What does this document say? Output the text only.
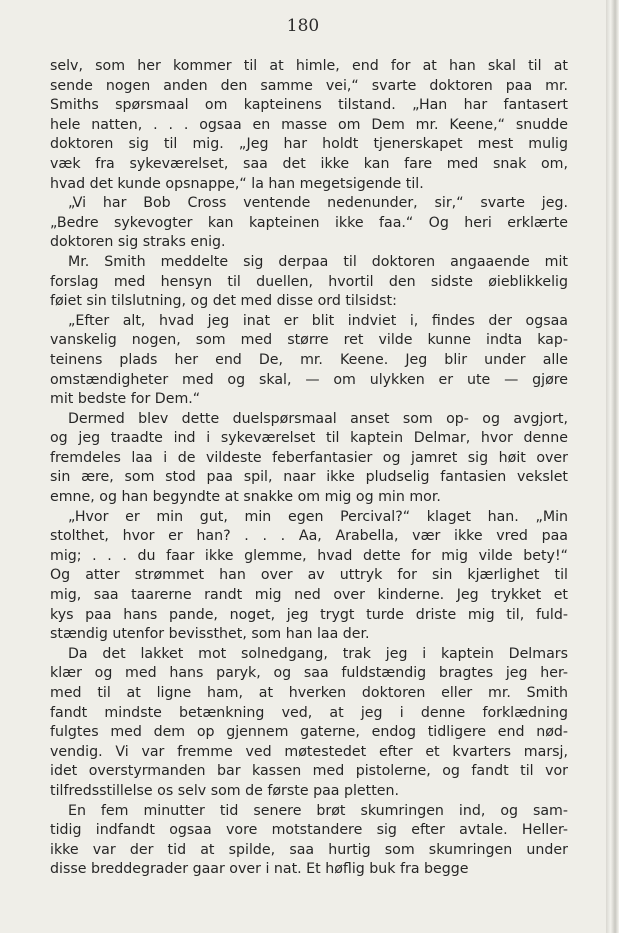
180

selv, som her kommer til at himle, end for at han skal til at
sende nogen anden den samme vei,“ svarte doktoren paa mr.
Smiths spørsmaal om kapteinens tilstand. „Han har fantasert
hele natten, . . . ogsaa en masse om Dem mr. Keene,“ snudde
doktoren sig til mig. „Jeg har holdt tjenerskapet mest mulig
væk fra sykeværelset, saa det ikke kan fare med snak om,
hvad det kunde opsnappe,“ la han megetsigende til.

„Vi har Bob Cross ventende nedenunder, sir,“ svarte jeg.
„Bedre sykevogter kan kapteinen ikke faa.“ Og heri erklærte
doktoren sig straks enig.

Mr. Smith meddelte sig derpaa til doktoren angaaende mit
forslag med hensyn til duellen, hvortil den sidste øieblikkelig
føiet sin tilslutning, og det med disse ord tilsidst:

„Efter alt, hvad jeg inat er blit indviet i, findes der ogsaa
vanskelig nogen, som med større ret vilde kunne indta kap-
teinens plads her end De, mr. Keene. Jeg blir under alle
omstændigheter med og skal, — om ulykken er ute — gjøre
mit bedste for Dem.“

Dermed blev dette duelspørsmaal anset som op- og avgjort,
og jeg traadte ind i sykeværelset til kaptein Delmar, hvor denne
fremdeles laa i de vildeste feberfantasier og jamret sig høit over
sin ære, som stod paa spil, naar ikke pludselig fantasien vekslet
emne, og han begyndte at snakke om mig og min mor.

„Hvor er min gut, min egen Percival?“ klaget han. „Min
stolthet, hvor er han? . . . Aa, Arabella, vær ikke vred paa
mig; . . . du faar ikke glemme, hvad dette for mig vilde bety!“
Og atter strømmet han over av uttryk for sin kjærlighet til
mig, saa taarerne randt mig ned over kinderne. Jeg trykket et
kys paa hans pande, noget, jeg trygt turde driste mig til, fuld-
stændig utenfor bevissthet, som han laa der.

Da det lakket mot solnedgang, trak jeg i kaptein Delmars
klær og med hans paryk, og saa fuldstændig bragtes jeg her-
med til at ligne ham, at hverken doktoren eller mr. Smith
fandt mindste betænkning ved, at jeg i denne forklædning
fulgtes med dem op gjennem gaterne, endog tidligere end nød-
vendig. Vi var fremme ved møtestedet efter et kvarters marsj,
idet overstyrmanden bar kassen med pistolerne, og fandt til vor
tilfredsstillelse os selv som de første paa pletten.

En fem minutter tid senere brøt skumringen ind, og sam-
tidig indfandt ogsaa vore motstandere sig efter avtale. Heller-
ikke var der tid at spilde, saa hurtig som skumringen under
disse breddegrader gaar over i nat. Et høflig buk fra begge
